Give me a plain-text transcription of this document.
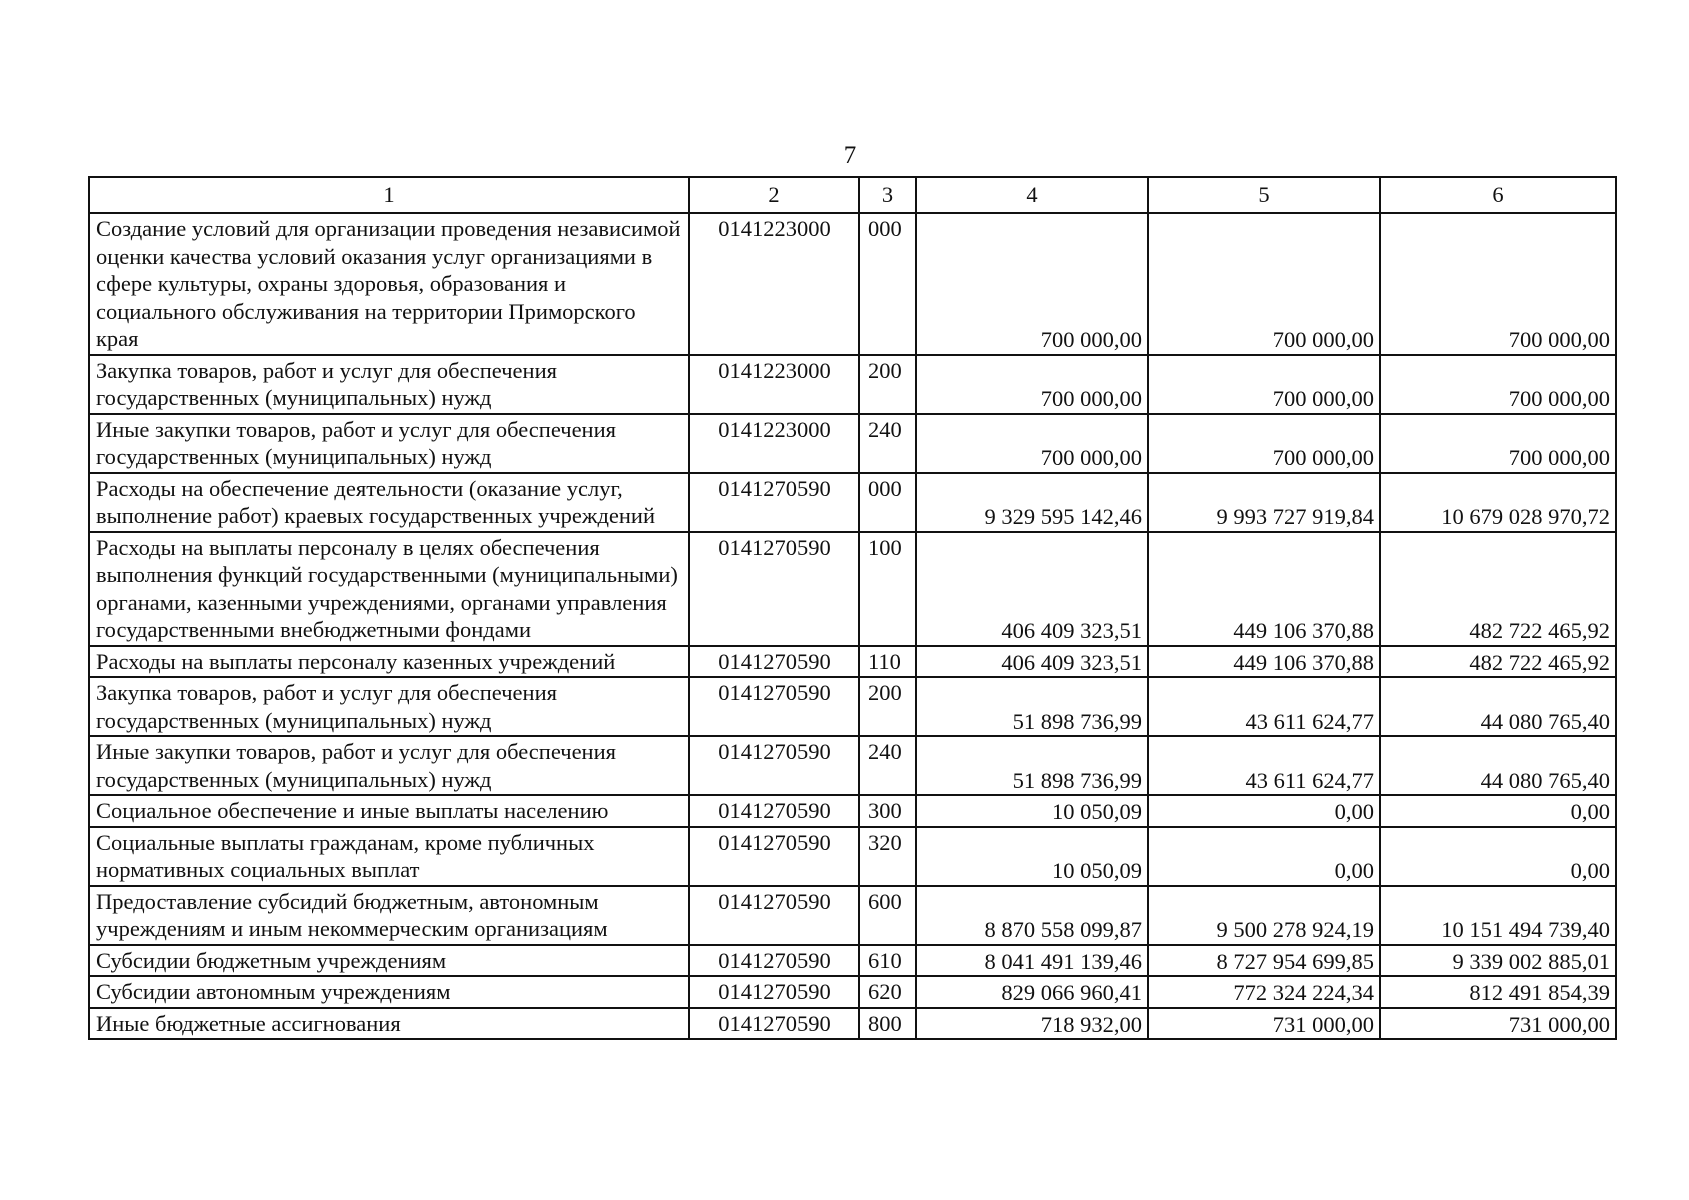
7
1	2	3	4	5	6
Создание условий для организации проведения независимой оценки качества условий оказания услуг организациями в сфере культуры, охраны здоровья, образования и социального обслуживания на территории Приморского края	0141223000	000	700 000,00	700 000,00	700 000,00
Закупка товаров, работ и услуг для обеспечения государственных (муниципальных) нужд	0141223000	200	700 000,00	700 000,00	700 000,00
Иные закупки товаров, работ и услуг для обеспечения государственных (муниципальных) нужд	0141223000	240	700 000,00	700 000,00	700 000,00
Расходы на обеспечение деятельности (оказание услуг, выполнение работ) краевых государственных учреждений	0141270590	000	9 329 595 142,46	9 993 727 919,84	10 679 028 970,72
Расходы на выплаты персоналу в целях обеспечения выполнения функций государственными (муниципальными) органами, казенными учреждениями, органами управления государственными внебюджетными фондами	0141270590	100	406 409 323,51	449 106 370,88	482 722 465,92
Расходы на выплаты персоналу казенных учреждений	0141270590	110	406 409 323,51	449 106 370,88	482 722 465,92
Закупка товаров, работ и услуг для обеспечения государственных (муниципальных) нужд	0141270590	200	51 898 736,99	43 611 624,77	44 080 765,40
Иные закупки товаров, работ и услуг для обеспечения государственных (муниципальных) нужд	0141270590	240	51 898 736,99	43 611 624,77	44 080 765,40
Социальное обеспечение и иные выплаты населению	0141270590	300	10 050,09	0,00	0,00
Социальные выплаты гражданам, кроме публичных нормативных социальных выплат	0141270590	320	10 050,09	0,00	0,00
Предоставление субсидий бюджетным, автономным учреждениям и иным некоммерческим организациям	0141270590	600	8 870 558 099,87	9 500 278 924,19	10 151 494 739,40
Субсидии бюджетным учреждениям	0141270590	610	8 041 491 139,46	8 727 954 699,85	9 339 002 885,01
Субсидии автономным учреждениям	0141270590	620	829 066 960,41	772 324 224,34	812 491 854,39
Иные бюджетные ассигнования	0141270590	800	718 932,00	731 000,00	731 000,00
